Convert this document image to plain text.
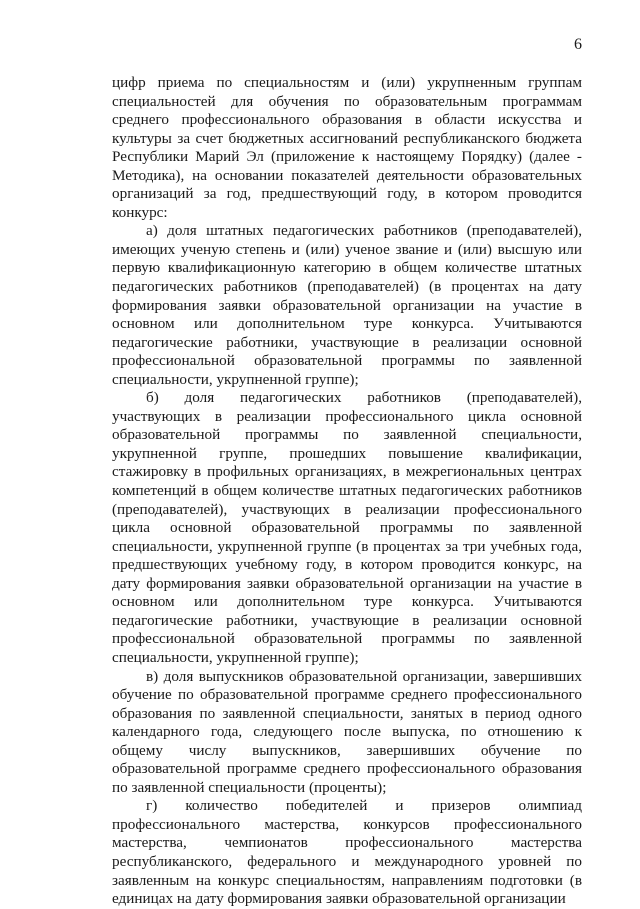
6

цифр приема по специальностям и (или) укрупненным группам специальностей для обучения по образовательным программам среднего профессионального образования в области искусства и культуры за счет бюджетных ассигнований республиканского бюджета Республики Марий Эл (приложение к настоящему Порядку) (далее - Методика), на основании показателей деятельности образовательных организаций за год, предшествующий году, в котором проводится конкурс:

а) доля штатных педагогических работников (преподавателей), имеющих ученую степень и (или) ученое звание и (или) высшую или первую квалификационную категорию в общем количестве штатных педагогических работников (преподавателей) (в процентах на дату формирования заявки образовательной организации на участие в основном или дополнительном туре конкурса. Учитываются педагогические работники, участвующие в реализации основной профессиональной образовательной программы по заявленной специальности, укрупненной группе);

б) доля педагогических работников (преподавателей), участвующих в реализации профессионального цикла основной образовательной программы по заявленной специальности, укрупненной группе, прошедших повышение квалификации, стажировку в профильных организациях, в межрегиональных центрах компетенций в общем количестве штатных педагогических работников (преподавателей), участвующих в реализации профессионального цикла основной образовательной программы по заявленной специальности, укрупненной группе (в процентах за три учебных года, предшествующих учебному году, в котором проводится конкурс, на дату формирования заявки образовательной организации на участие в основном или дополнительном туре конкурса. Учитываются педагогические работники, участвующие в реализации основной профессиональной образовательной программы по заявленной специальности, укрупненной группе);

в) доля выпускников образовательной организации, завершивших обучение по образовательной программе среднего профессионального образования по заявленной специальности, занятых в период одного календарного года, следующего после выпуска, по отношению к общему числу выпускников, завершивших обучение по образовательной программе среднего профессионального образования по заявленной специальности (проценты);

г) количество победителей и призеров олимпиад профессионального мастерства, конкурсов профессионального мастерства, чемпионатов профессионального мастерства республиканского, федерального и международного уровней по заявленным на конкурс специальностям, направлениям подготовки (в единицах на дату формирования заявки образовательной организации
